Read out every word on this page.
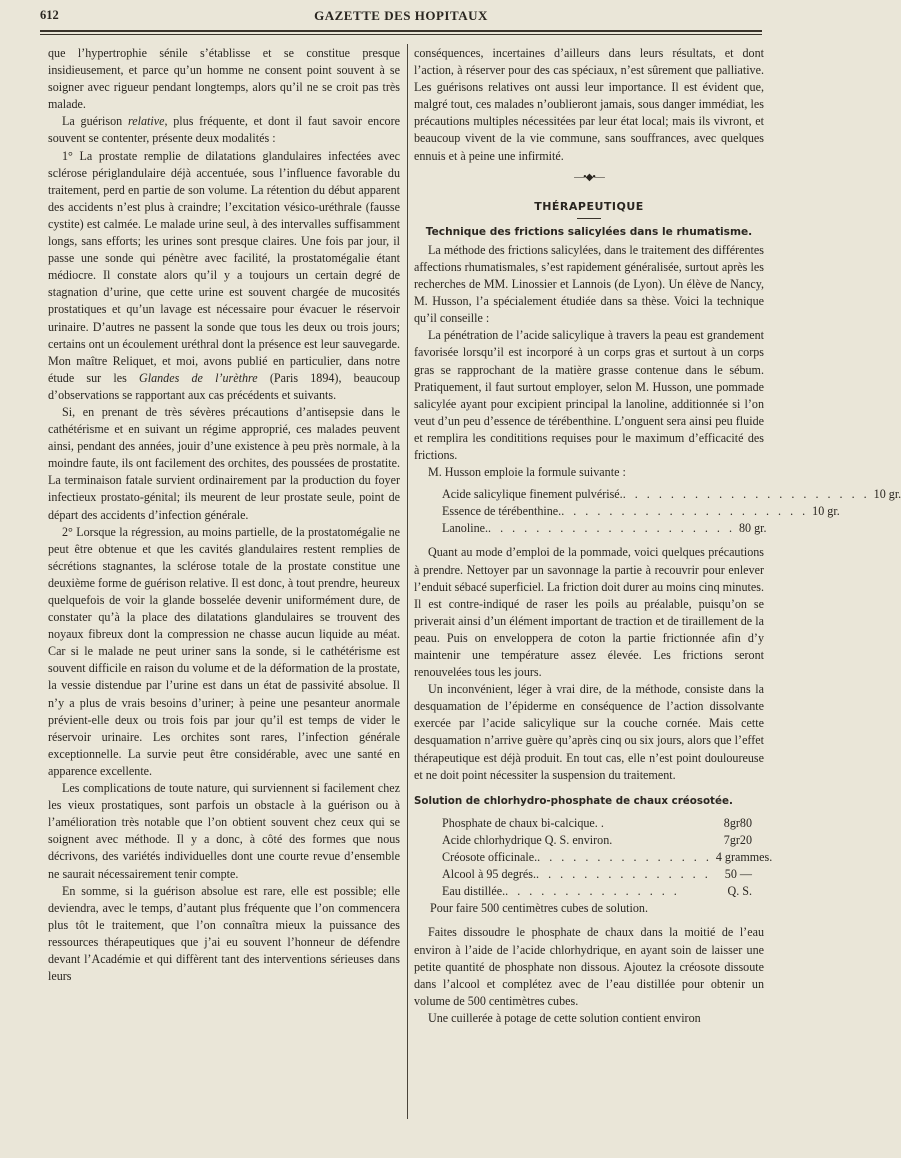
612	GAZETTE DES HOPITAUX

que l’hypertrophie sénile s’établisse et se constitue presque insidieusement, et parce qu’un homme ne consent point souvent à se soigner avec rigueur pendant longtemps, alors qu’il ne se croit pas très malade.

La guérison relative, plus fréquente, et dont il faut savoir encore souvent se contenter, présente deux modalités :

1° La prostate remplie de dilatations glandulaires infectées avec sclérose périglandulaire déjà accentuée, sous l’influence favorable du traitement, perd en partie de son volume. La rétention du début apparent des accidents n’est plus à craindre; l’excitation vésico-uréthrale (fausse cystite) est calmée. Le malade urine seul, à des intervalles suffisamment longs, sans efforts; les urines sont presque claires. Une fois par jour, il passe une sonde qui pénètre avec facilité, la prostatomégalie étant médiocre. Il constate alors qu’il y a toujours un certain degré de stagnation d’urine, que cette urine est souvent chargée de mucosités prostatiques et qu’un lavage est nécessaire pour évacuer le réservoir urinaire. D’autres ne passent la sonde que tous les deux ou trois jours; certains ont un écoulement uréthral dont la présence est leur sauvegarde. Mon maître Reliquet, et moi, avons publié en particulier, dans notre étude sur les Glandes de l’urèthre (Paris 1894), beaucoup d’observations se rapportant aux cas précédents et suivants.

Si, en prenant de très sévères précautions d’antisepsie dans le cathétérisme et en suivant un régime approprié, ces malades peuvent ainsi, pendant des années, jouir d’une existence à peu près normale, à la moindre faute, ils ont facilement des orchites, des poussées de prostatite. La terminaison fatale survient ordinairement par la production du foyer infectieux prostato-génital; ils meurent de leur prostate seule, point de départ des accidents d’infection générale.

2° Lorsque la régression, au moins partielle, de la prostatomégalie ne peut être obtenue et que les cavités glandulaires restent remplies de sécrétions stagnantes, la sclérose totale de la prostate constitue une deuxième forme de guérison relative. Il est donc, à tout prendre, heureux quelquefois de voir la glande bosselée devenir uniformément dure, de constater qu’à la place des dilatations glandulaires se trouvent des noyaux fibreux dont la compression ne chasse aucun liquide au méat. Car si le malade ne peut uriner sans la sonde, si le cathétérisme est souvent difficile en raison du volume et de la déformation de la prostate, la vessie distendue par l’urine est dans un état de passivité absolue. Il n’y a plus de vrais besoins d’uriner; à peine une pesanteur anormale prévient-elle deux ou trois fois par jour qu’il est temps de vider le réservoir urinaire. Les orchites sont rares, l’infection générale exceptionnelle. La survie peut être considérable, avec une santé en apparence excellente.

Les complications de toute nature, qui surviennent si facilement chez les vieux prostatiques, sont parfois un obstacle à la guérison ou à l’amélioration très notable que l’on obtient souvent chez ceux qui se soignent avec méthode. Il y a donc, à côté des formes que nous décrivons, des variétés individuelles dont une courte revue d’ensemble ne saurait nécessairement tenir compte.

En somme, si la guérison absolue est rare, elle est possible; elle deviendra, avec le temps, d’autant plus fréquente que l’on commencera plus tôt le traitement, que l’on connaîtra mieux la puissance des ressources thérapeutiques que j’ai eu souvent l’honneur de défendre devant l’Académie et qui diffèrent tant des interventions sérieuses dans leurs

conséquences, incertaines d’ailleurs dans leurs résultats, et dont l’action, à réserver pour des cas spéciaux, n’est sûrement que palliative. Les guérisons relatives ont aussi leur importance. Il est évident que, malgré tout, ces malades n’oublieront jamais, sous danger immédiat, les précautions multiples nécessitées par leur état local; mais ils vivront, et beaucoup vivent de la vie commune, sans souffrances, avec quelques ennuis et à peine une infirmité.

—•◆•—
THÉRAPEUTIQUE
Technique des frictions salicylées dans le rhumatisme.

La méthode des frictions salicylées, dans le traitement des différentes affections rhumatismales, s’est rapidement généralisée, surtout après les recherches de MM. Linossier et Lannois (de Lyon). Un élève de Nancy, M. Husson, l’a spécialement étudiée dans sa thèse. Voici la technique qu’il conseille :

La pénétration de l’acide salicylique à travers la peau est grandement favorisée lorsqu’il est incorporé à un corps gras et surtout à un corps gras se rapprochant de la matière grasse contenue dans le sébum. Pratiquement, il faut surtout employer, selon M. Husson, une pommade salicylée ayant pour excipient principal la lanoline, additionnée si l’on veut d’un peu d’essence de térébenthine. L’onguent sera ainsi peu fluide et remplira les condititions requises pour le maximum d’efficacité des frictions.

M. Husson emploie la formule suivante :

Acide salicylique finement pulvérisé. . . . . . . . . . . . . . . . . . . . . . 10 gr.
Essence de térébenthine. . . . . . . . . . . . . . . . . . . . . . 10 gr.
Lanoline. . . . . . . . . . . . . . . . . . . . . . 80 gr.

Quant au mode d’emploi de la pommade, voici quelques précautions à prendre. Nettoyer par un savonnage la partie à recouvrir pour enlever l’enduit sébacé superficiel. La friction doit durer au moins cinq minutes. Il est contre-indiqué de raser les poils au préalable, puisqu’on se priverait ainsi d’un élément important de traction et de tiraillement de la peau. Puis on enveloppera de coton la partie frictionnée afin d’y maintenir une température assez élevée. Les frictions seront renouvelées tous les jours.

Un inconvénient, léger à vrai dire, de la méthode, consiste dans la desquamation de l’épiderme en conséquence de l’action dissolvante exercée par l’acide salicylique sur la couche cornée. Mais cette desquamation n’arrive guère qu’après cinq ou six jours, alors que l’effet thérapeutique est déjà produit. En tout cas, elle n’est point douloureuse et ne doit point nécessiter la suspension du traitement.

Solution de chlorhydro-phosphate de chaux créosotée.
Phosphate de chaux bi-calcique. .	8gr80
Acide chlorhydrique Q. S. environ.	7gr20
Créosote officinale. . . . . . . . . . . . . . . . 4 grammes.
Alcool à 95 degrés. . . . . . . . . . . . . . . .	50 —
Eau distillée. . . . . . . . . . . . . . . .	Q. S.
Pour faire 500 centimètres cubes de solution.

Faites dissoudre le phosphate de chaux dans la moitié de l’eau environ à l’aide de l’acide chlorhydrique, en ayant soin de laisser une petite quantité de phosphate non dissous. Ajoutez la créosote dissoute dans l’alcool et complétez avec de l’eau distillée pour obtenir un volume de 500 centimètres cubes.

Une cuillerée à potage de cette solution contient environ
